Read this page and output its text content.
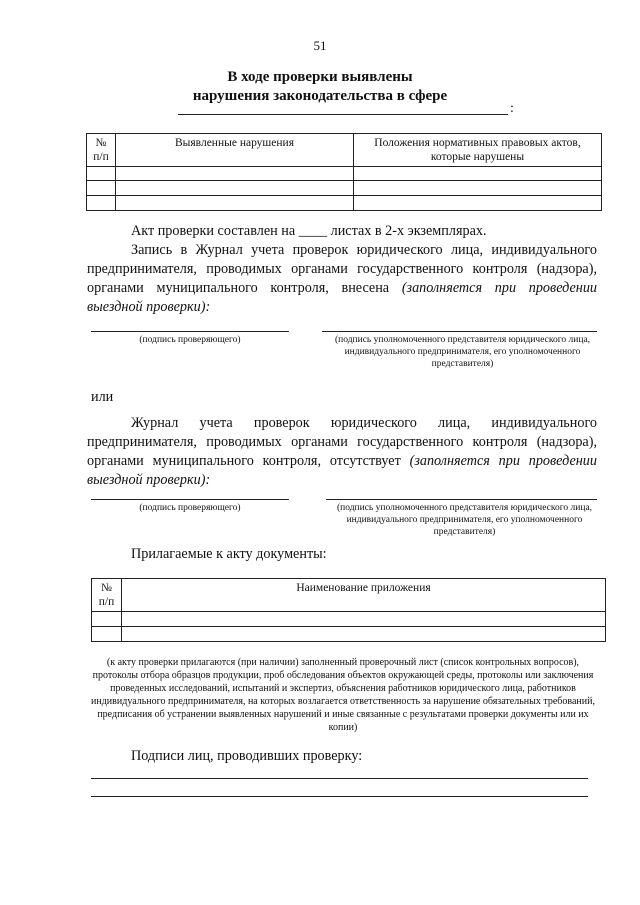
51
В ходе проверки выявлены
нарушения законодательства в сфере
:
№ п/п	Выявленные нарушения	Положения нормативных правовых актов, которые нарушены

Акт проверки составлен на ____ листах в 2-х экземплярах.
Запись в Журнал учета проверок юридического лица, индивидуального предпринимателя, проводимых органами государственного контроля (надзора), органами муниципального контроля, внесена (заполняется при проведении выездной проверки):
(подпись проверяющего)	(подпись уполномоченного представителя юридического лица, индивидуального предпринимателя, его уполномоченного представителя)
или
Журнал учета проверок юридического лица, индивидуального предпринимателя, проводимых органами государственного контроля (надзора), органами муниципального контроля, отсутствует (заполняется при проведении выездной проверки):
(подпись проверяющего)	(подпись уполномоченного представителя юридического лица, индивидуального предпринимателя, его уполномоченного представителя)
Прилагаемые к акту документы:
№ п/п	Наименование приложения

(к акту проверки прилагаются (при наличии) заполненный проверочный лист (список контрольных вопросов), протоколы отбора образцов продукции, проб обследования объектов окружающей среды, протоколы или заключения проведенных исследований, испытаний и экспертиз, объяснения работников юридического лица, работников индивидуального предпринимателя, на которых возлагается ответственность за нарушение обязательных требований, предписания об устранении выявленных нарушений и иные связанные с результатами проверки документы или их копии)
Подписи лиц, проводивших проверку:
